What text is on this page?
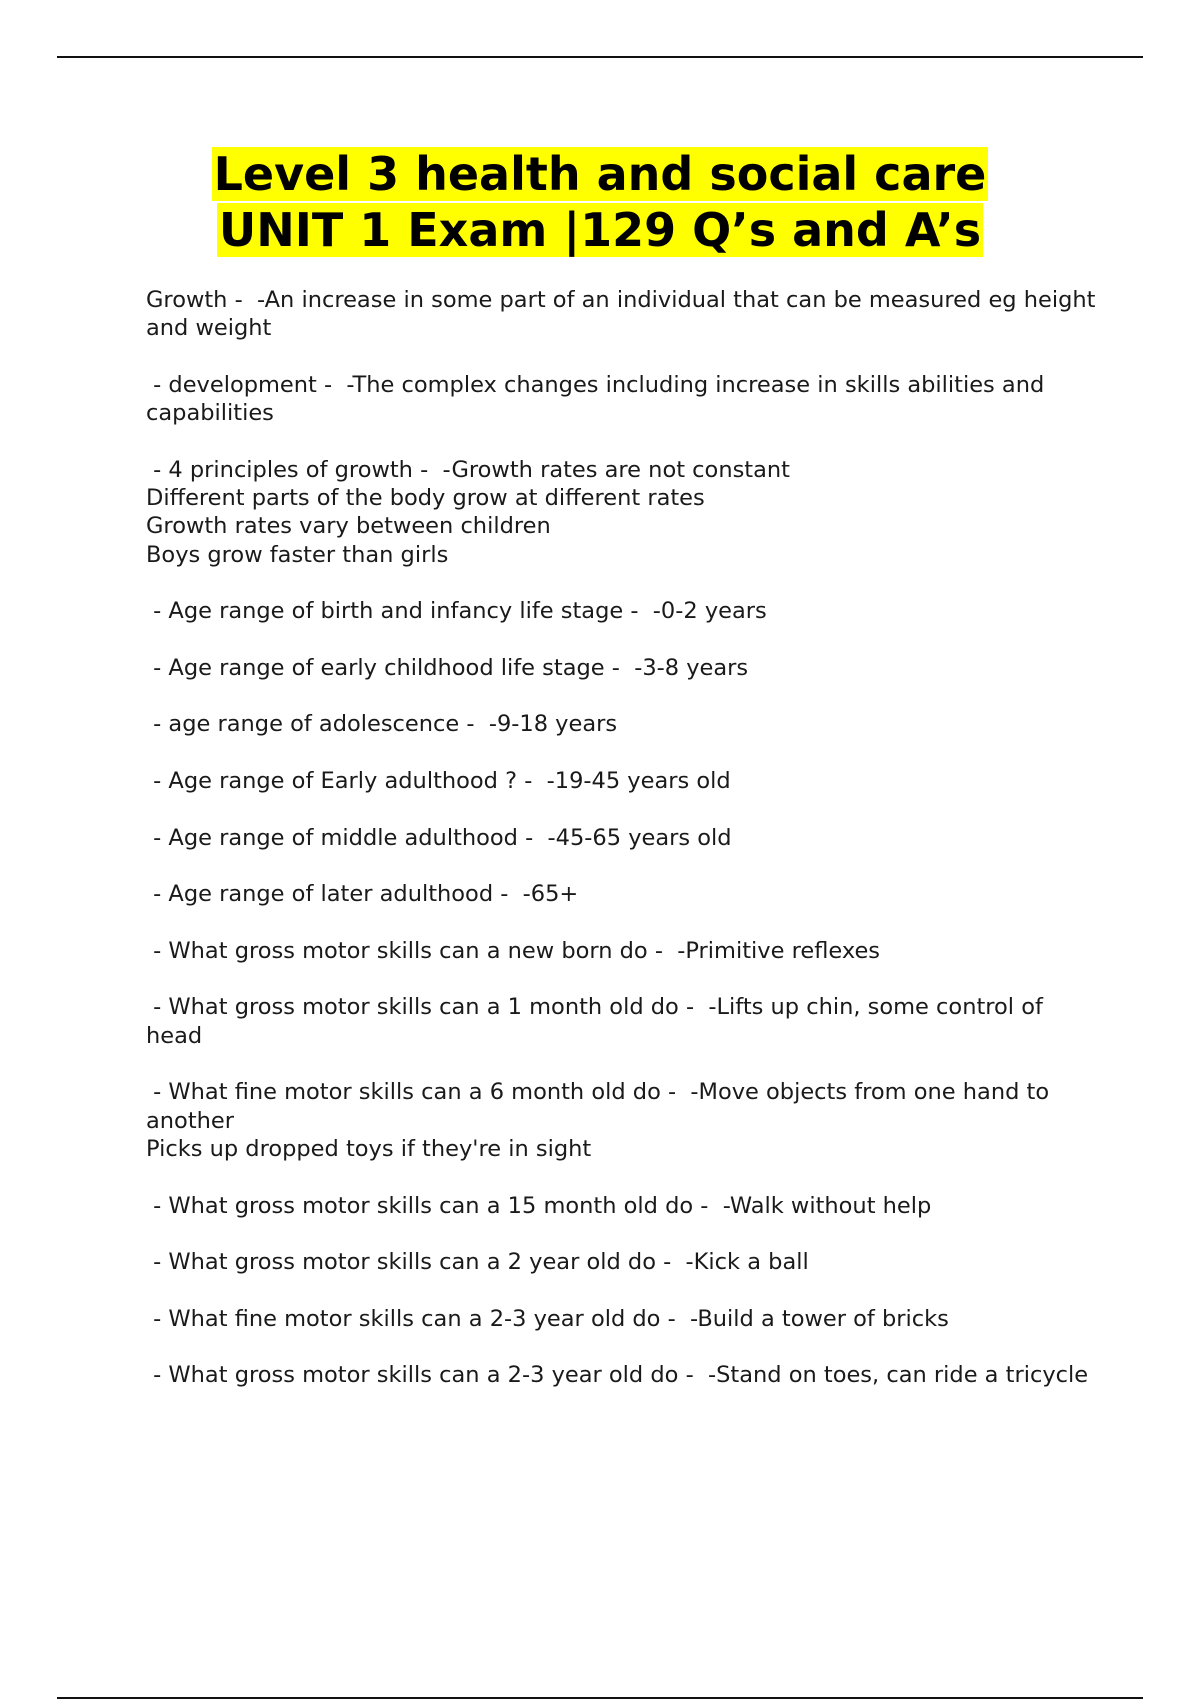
Level 3 health and social care
UNIT 1 Exam |129 Q’s and A’s
Growth -  -An increase in some part of an individual that can be measured eg height and weight
- development -  -The complex changes including increase in skills abilities and capabilities
- 4 principles of growth -  -Growth rates are not constant
Different parts of the body grow at different rates
Growth rates vary between children
Boys grow faster than girls
- Age range of birth and infancy life stage -  -0-2 years
- Age range of early childhood life stage -  -3-8 years
- age range of adolescence -  -9-18 years
- Age range of Early adulthood ? -  -19-45 years old
- Age range of middle adulthood -  -45-65 years old
- Age range of later adulthood -  -65+
- What gross motor skills can a new born do -  -Primitive reflexes
- What gross motor skills can a 1 month old do -  -Lifts up chin, some control of head
- What fine motor skills can a 6 month old do -  -Move objects from one hand to another
Picks up dropped toys if they're in sight
- What gross motor skills can a 15 month old do -  -Walk without help
- What gross motor skills can a 2 year old do -  -Kick a ball
- What fine motor skills can a 2-3 year old do -  -Build a tower of bricks
- What gross motor skills can a 2-3 year old do -  -Stand on toes, can ride a tricycle
